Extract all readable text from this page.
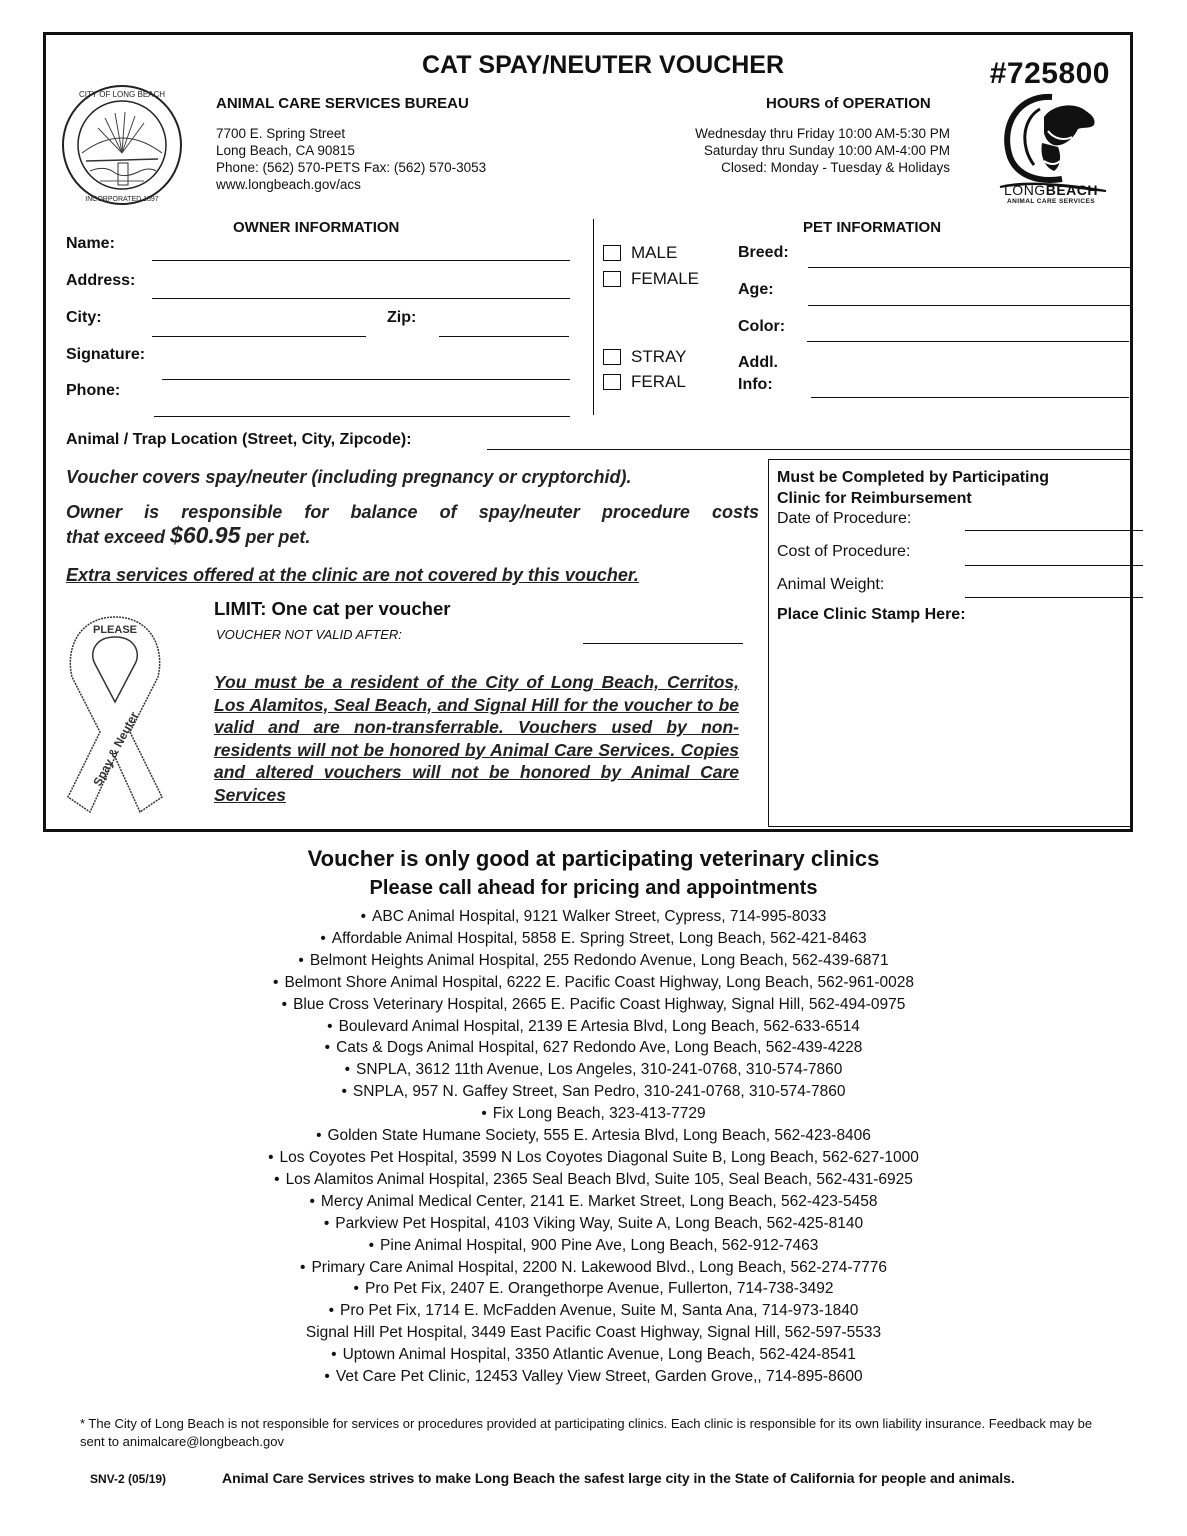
CAT SPAY/NEUTER VOUCHER	#725800
CITY OF LONG BEACH
INCORPORATED 1897
ANIMAL CARE SERVICES BUREAU
7700 E. Spring Street
Long Beach, CA 90815
Phone: (562) 570-PETS Fax: (562) 570-3053
www.longbeach.gov/acs
HOURS of OPERATION
Wednesday thru Friday 10:00 AM-5:30 PM
Saturday thru Sunday 10:00 AM-4:00 PM
Closed: Monday - Tuesday & Holidays
LONGBEACH
ANIMAL CARE SERVICES
OWNER INFORMATION
Name:
Address:
City:	Zip:
Signature:
Phone:
PET INFORMATION
MALE
FEMALE
STRAY
FERAL
Breed:
Age:
Color:
Addl.
Info:
Animal / Trap Location (Street, City, Zipcode):
Voucher covers spay/neuter (including pregnancy or cryptorchid).
Owner is responsible for balance of spay/neuter procedure costs
that exceed $60.95 per pet.
Extra services offered at the clinic are not covered by this voucher.
LIMIT: One cat per voucher
VOUCHER NOT VALID AFTER:
You must be a resident of the City of Long Beach, Cerritos, Los Alamitos, Seal Beach, and Signal Hill for the voucher to be valid and are non-transferrable. Vouchers used by non-residents will not be honored by Animal Care Services. Copies and altered vouchers will not be honored by Animal Care Services
PLEASE
Spay & Neuter
Must be Completed by Participating
Clinic for Reimbursement
Date of Procedure:
Cost of Procedure:
Animal Weight:
Place Clinic Stamp Here:
Voucher is only good at participating veterinary clinics
Please call ahead for pricing and appointments
• ABC Animal Hospital, 9121 Walker Street, Cypress, 714-995-8033
• Affordable Animal Hospital, 5858 E. Spring Street, Long Beach, 562-421-8463
• Belmont Heights Animal Hospital, 255 Redondo Avenue, Long Beach, 562-439-6871
• Belmont Shore Animal Hospital, 6222 E. Pacific Coast Highway, Long Beach, 562-961-0028
• Blue Cross Veterinary Hospital, 2665 E. Pacific Coast Highway, Signal Hill, 562-494-0975
• Boulevard Animal Hospital, 2139 E Artesia Blvd, Long Beach, 562-633-6514
• Cats & Dogs Animal Hospital, 627 Redondo Ave, Long Beach, 562-439-4228
• SNPLA, 3612 11th Avenue, Los Angeles, 310-241-0768, 310-574-7860
• SNPLA, 957 N. Gaffey Street, San Pedro, 310-241-0768, 310-574-7860
• Fix Long Beach, 323-413-7729
• Golden State Humane Society, 555 E. Artesia Blvd, Long Beach, 562-423-8406
• Los Coyotes Pet Hospital, 3599 N Los Coyotes Diagonal Suite B, Long Beach, 562-627-1000
• Los Alamitos Animal Hospital, 2365 Seal Beach Blvd, Suite 105, Seal Beach, 562-431-6925
• Mercy Animal Medical Center, 2141 E. Market Street, Long Beach, 562-423-5458
• Parkview Pet Hospital, 4103 Viking Way, Suite A, Long Beach, 562-425-8140
• Pine Animal Hospital, 900 Pine Ave, Long Beach, 562-912-7463
• Primary Care Animal Hospital, 2200 N. Lakewood Blvd., Long Beach, 562-274-7776
• Pro Pet Fix, 2407 E. Orangethorpe Avenue, Fullerton, 714-738-3492
• Pro Pet Fix, 1714 E. McFadden Avenue, Suite M, Santa Ana, 714-973-1840
Signal Hill Pet Hospital, 3449 East Pacific Coast Highway, Signal Hill, 562-597-5533
• Uptown Animal Hospital, 3350 Atlantic Avenue, Long Beach, 562-424-8541
• Vet Care Pet Clinic, 12453 Valley View Street, Garden Grove,, 714-895-8600
* The City of Long Beach is not responsible for services or procedures provided at participating clinics. Each clinic is responsible for its own liability insurance. Feedback may be sent to animalcare@longbeach.gov
SNV-2 (05/19)	Animal Care Services strives to make Long Beach the safest large city in the State of California for people and animals.
